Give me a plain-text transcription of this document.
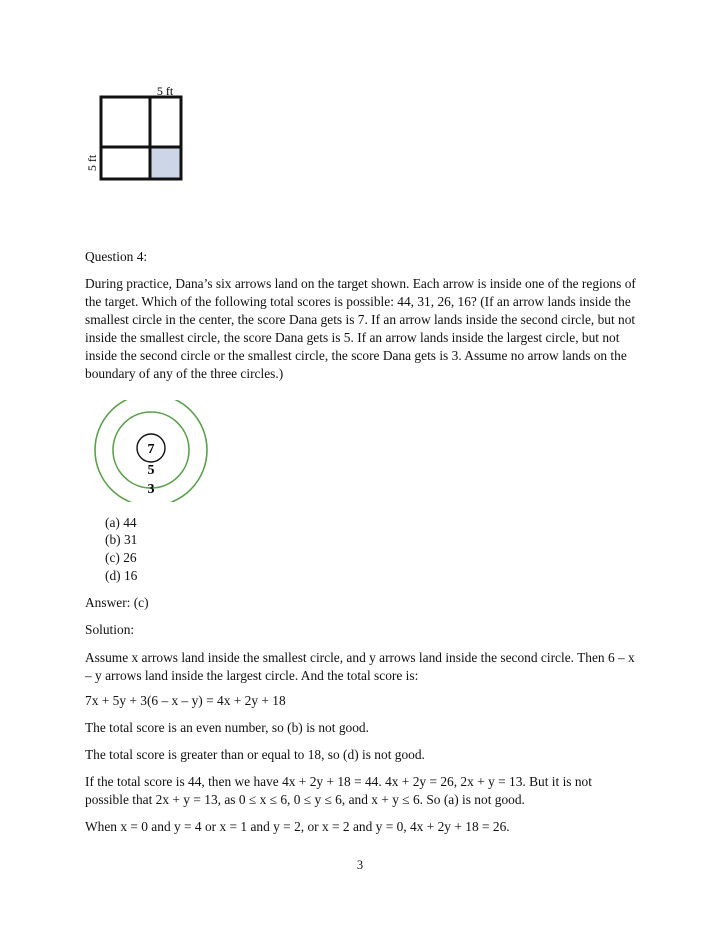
5 ft
5 ft
Question 4:
During practice, Dana’s six arrows land on the target shown. Each arrow is inside one of the regions of the target. Which of the following total scores is possible: 44, 31, 26, 16? (If an arrow lands inside the smallest circle in the center, the score Dana gets is 7. If an arrow lands inside the second circle, but not inside the smallest circle, the score Dana gets is 5. If an arrow lands inside the largest circle, but not inside the second circle or the smallest circle, the score Dana gets is 3. Assume no arrow lands on the boundary of any of the three circles.)
7
5
3
(a) 44
(b) 31
(c) 26
(d) 16
Answer: (c)
Solution:
Assume x arrows land inside the smallest circle, and y arrows land inside the second circle. Then 6 – x – y arrows land inside the largest circle. And the total score is:
7x + 5y + 3(6 – x – y) = 4x + 2y + 18
The total score is an even number, so (b) is not good.
The total score is greater than or equal to 18, so (d) is not good.
If the total score is 44, then we have 4x + 2y + 18 = 44. 4x + 2y = 26, 2x + y = 13. But it is not
possible that 2x + y = 13, as 0 ≤ x ≤ 6, 0 ≤ y ≤ 6, and x + y ≤ 6. So (a) is not good.
When x = 0 and y = 4 or x = 1 and y = 2, or x = 2 and y = 0, 4x + 2y + 18 = 26.
3
